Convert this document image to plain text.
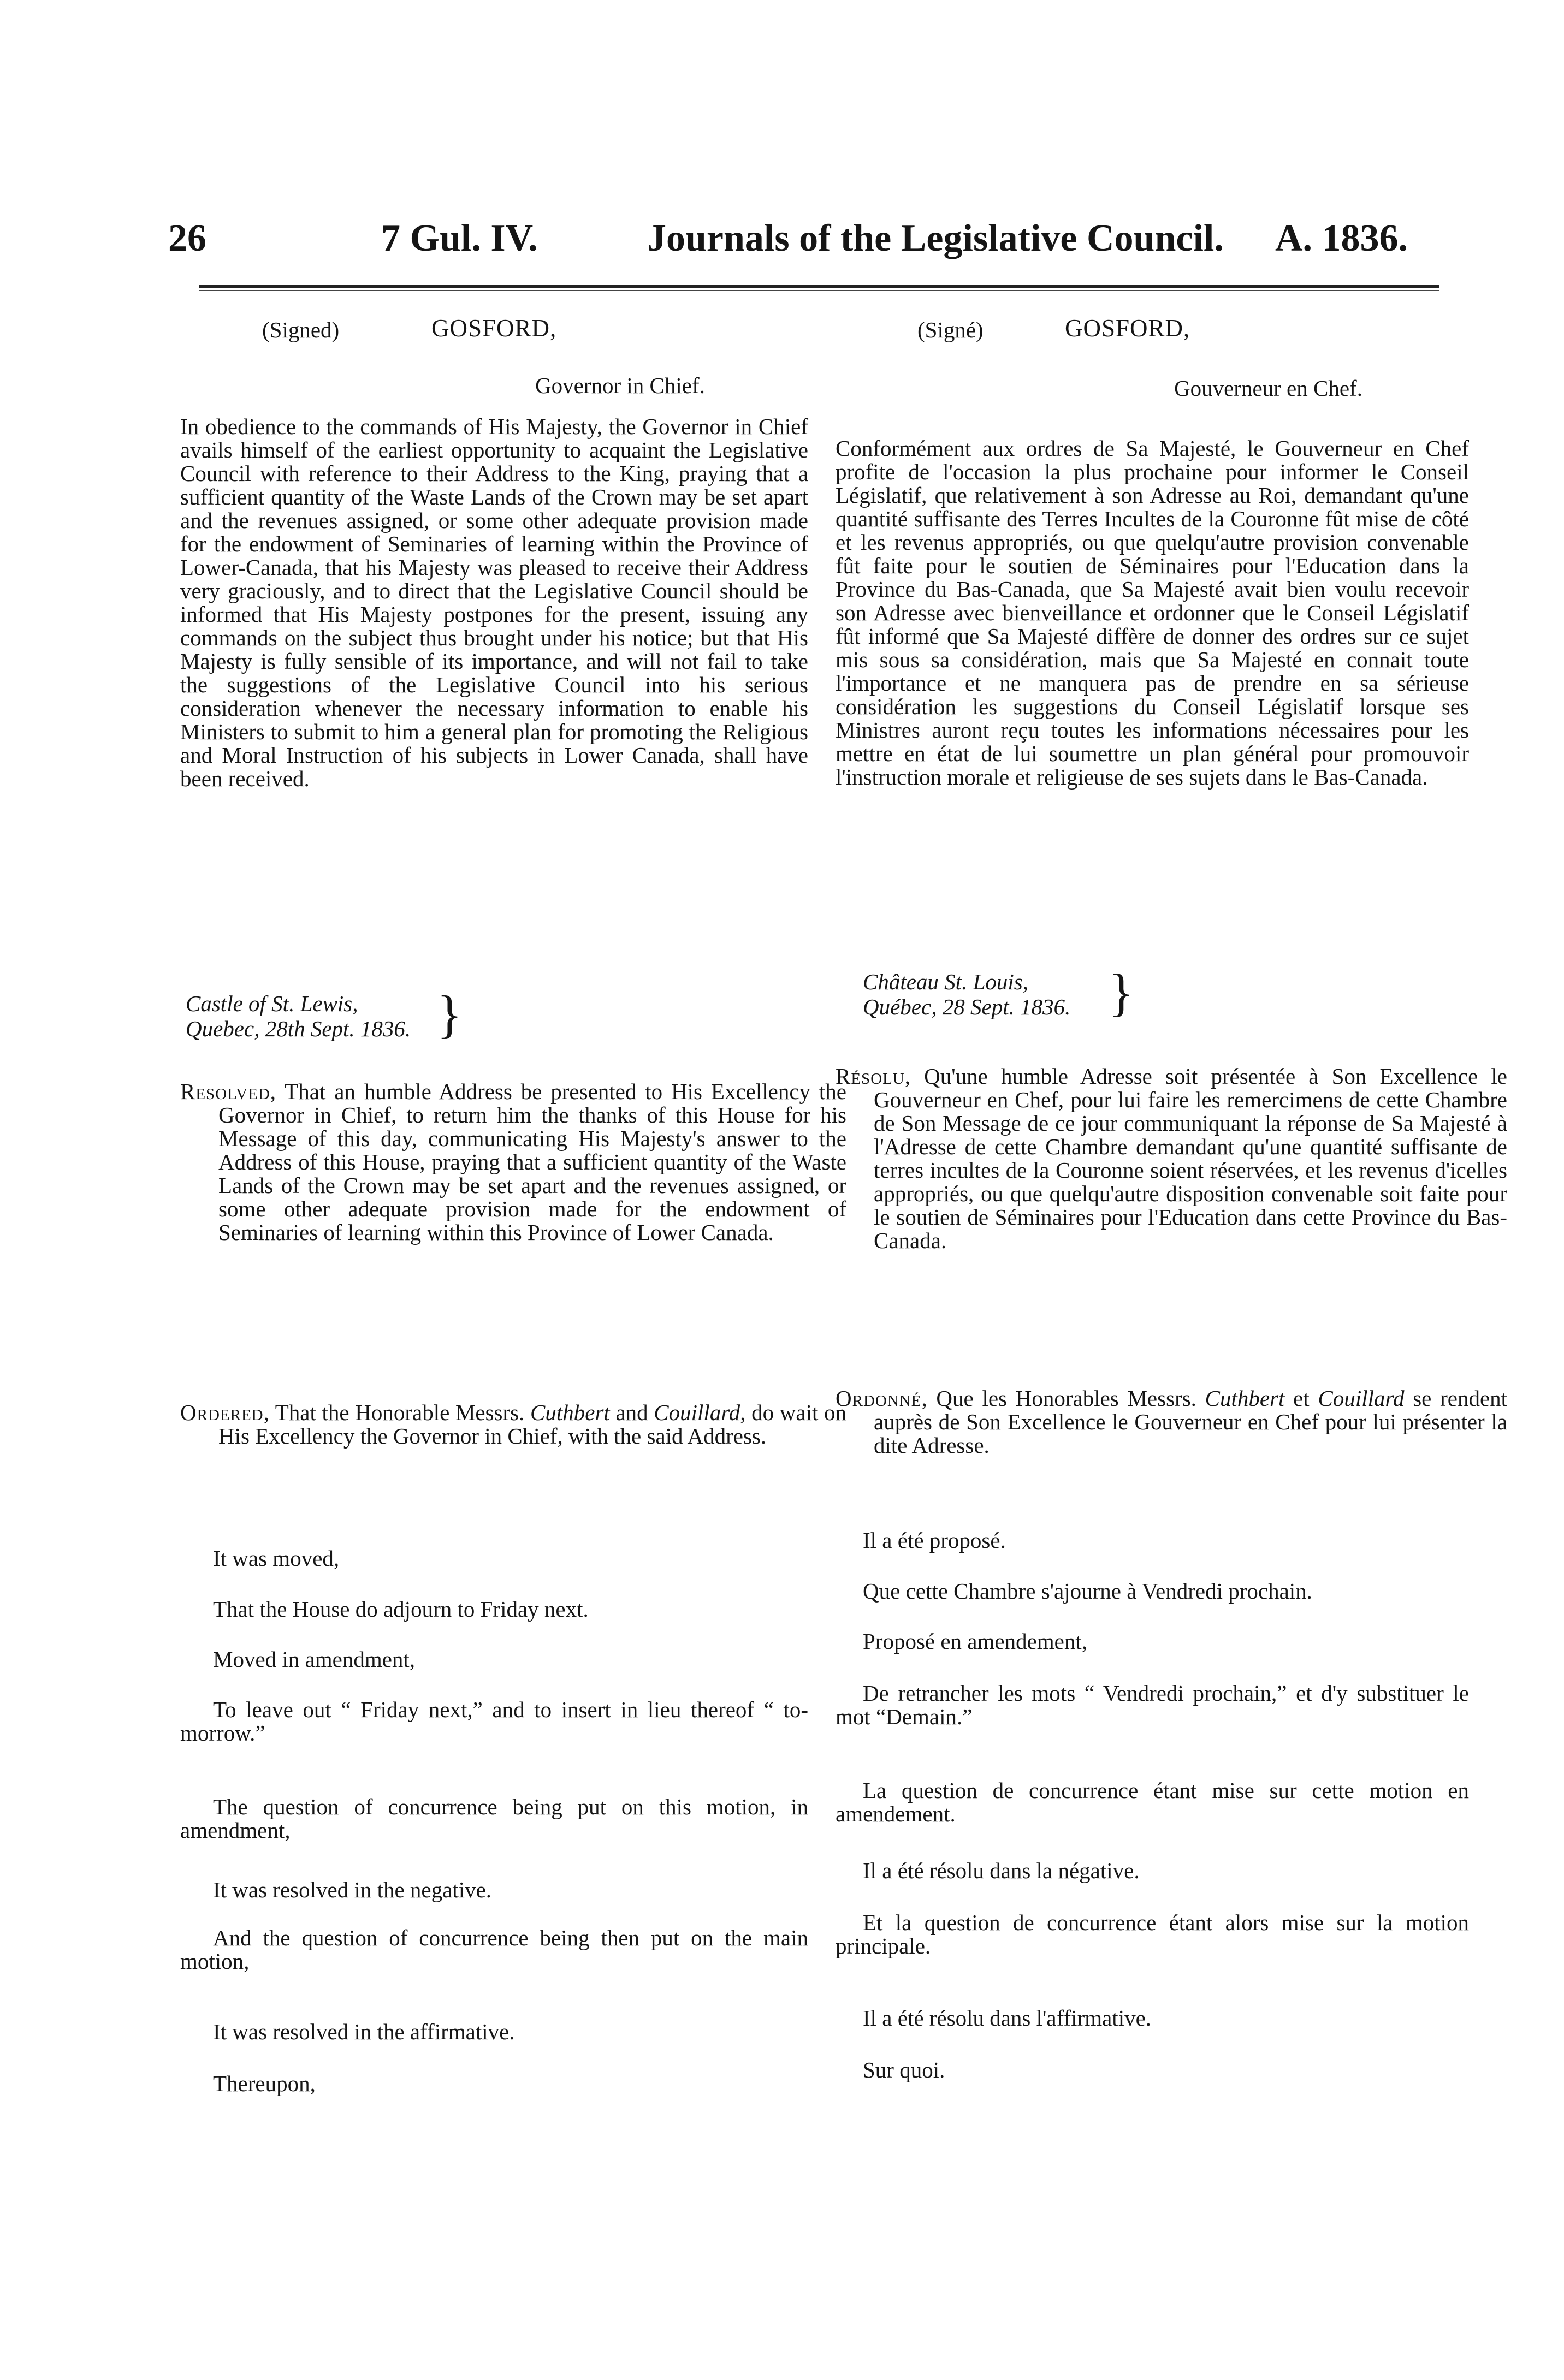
26	7 Gul. IV.	Journals of the Legislative Council. A. 1836.
(Signed)	GOSFORD,
Governor in Chief.
In obedience to the commands of His Majesty, the Governor in Chief avails himself of the earliest opportunity to acquaint the Legislative Council with reference to their Address to the King, praying that a sufficient quantity of the Waste Lands of the Crown may be set apart and the revenues assigned, or some other adequate provision made for the endowment of Seminaries of learning within the Province of Lower-Canada, that his Majesty was pleased to receive their Address very graciously, and to direct that the Legislative Council should be informed that His Majesty postpones for the present, issuing any commands on the subject thus brought under his notice; but that His Majesty is fully sensible of its importance, and will not fail to take the suggestions of the Legislative Council into his serious consideration whenever the necessary information to enable his Ministers to submit to him a general plan for promoting the Religious and Moral Instruction of his subjects in Lower Canada, shall have been received.
Castle of St. Lewis,
Quebec, 28th Sept. 1836. }
Resolved, That an humble Address be presented to His Excellency the Governor in Chief, to return him the thanks of this House for his Message of this day, communicating His Majesty's answer to the Address of this House, praying that a sufficient quantity of the Waste Lands of the Crown may be set apart and the revenues assigned, or some other adequate provision made for the endowment of Seminaries of learning within this Province of Lower Canada.
Ordered, That the Honorable Messrs. Cuthbert and Couillard, do wait on His Excellency the Governor in Chief, with the said Address.
It was moved,
That the House do adjourn to Friday next.
Moved in amendment,
To leave out “ Friday next,” and to insert in lieu thereof “ to-morrow.”
The question of concurrence being put on this motion, in amendment,
It was resolved in the negative.
And the question of concurrence being then put on the main motion,
It was resolved in the affirmative.
Thereupon,
(Signé)	GOSFORD,
Gouverneur en Chef.
Conformément aux ordres de Sa Majesté, le Gouverneur en Chef profite de l'occasion la plus prochaine pour informer le Conseil Législatif, que relativement à son Adresse au Roi, demandant qu'une quantité suffisante des Terres Incultes de la Couronne fût mise de côté et les revenus appropriés, ou que quelqu'autre provision convenable fût faite pour le soutien de Séminaires pour l'Education dans la Province du Bas-Canada, que Sa Majesté avait bien voulu recevoir son Adresse avec bienveillance et ordonner que le Conseil Législatif fût informé que Sa Majesté diffère de donner des ordres sur ce sujet mis sous sa considération, mais que Sa Majesté en connait toute l'importance et ne manquera pas de prendre en sa sérieuse considération les suggestions du Conseil Législatif lorsque ses Ministres auront reçu toutes les informations nécessaires pour les mettre en état de lui soumettre un plan général pour promouvoir l'instruction morale et religieuse de ses sujets dans le Bas-Canada.
Château St. Louis,
Québec, 28 Sept. 1836. }
Résolu, Qu'une humble Adresse soit présentée à Son Excellence le Gouverneur en Chef, pour lui faire les remercimens de cette Chambre de Son Message de ce jour communiquant la réponse de Sa Majesté à l'Adresse de cette Chambre demandant qu'une quantité suffisante de terres incultes de la Couronne soient réservées, et les revenus d'icelles appropriés, ou que quelqu'autre disposition convenable soit faite pour le soutien de Séminaires pour l'Education dans cette Province du Bas-Canada.
Ordonné, Que les Honorables Messrs. Cuthbert et Couillard se rendent auprès de Son Excellence le Gouverneur en Chef pour lui présenter la dite Adresse.
Il a été proposé.
Que cette Chambre s'ajourne à Vendredi prochain.
Proposé en amendement,
De retrancher les mots “ Vendredi prochain,” et d'y substituer le mot “Demain.”
La question de concurrence étant mise sur cette motion en amendement.
Il a été résolu dans la négative.
Et la question de concurrence étant alors mise sur la motion principale.
Il a été résolu dans l'affirmative.
Sur quoi.
